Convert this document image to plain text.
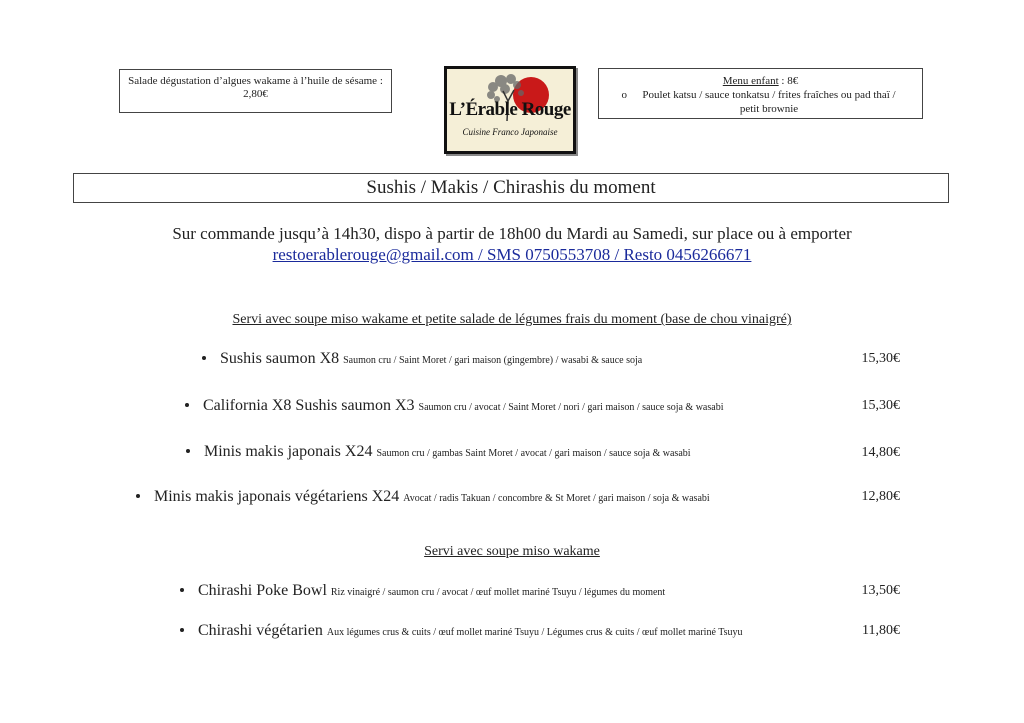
Salade dégustation d’algues wakame à l’huile de sésame : 2,80€
L’Érable Rouge
Cuisine Franco Japonaise
Menu enfant : 8€
o	Poulet katsu / sauce tonkatsu / frites fraîches ou pad thaï / petit brownie
Sushis / Makis / Chirashis du moment
Sur commande jusqu’à 14h30, dispo à partir de 18h00 du Mardi au Samedi, sur place ou à emporter
restoerablerouge@gmail.com / SMS 0750553708 / Resto 0456266671
Servi avec soupe miso wakame et petite salade de légumes frais du moment (base de chou vinaigré)
Sushis saumon X8 Saumon cru / Saint Moret / gari maison (gingembre) / wasabi & sauce soja	15,30€
California X8 Sushis saumon X3 Saumon cru / avocat / Saint Moret / nori / gari maison / sauce soja & wasabi	15,30€
Minis makis japonais X24 Saumon cru / gambas Saint Moret / avocat / gari maison / sauce soja & wasabi	14,80€
Minis makis japonais végétariens X24 Avocat / radis Takuan / concombre & St Moret / gari maison / soja & wasabi	12,80€
Servi avec soupe miso wakame
Chirashi Poke Bowl Riz vinaigré / saumon cru / avocat / œuf mollet mariné Tsuyu / légumes du moment	13,50€
Chirashi végétarien Aux légumes crus & cuits / œuf mollet mariné Tsuyu / Légumes crus & cuits / œuf mollet mariné Tsuyu	11,80€
